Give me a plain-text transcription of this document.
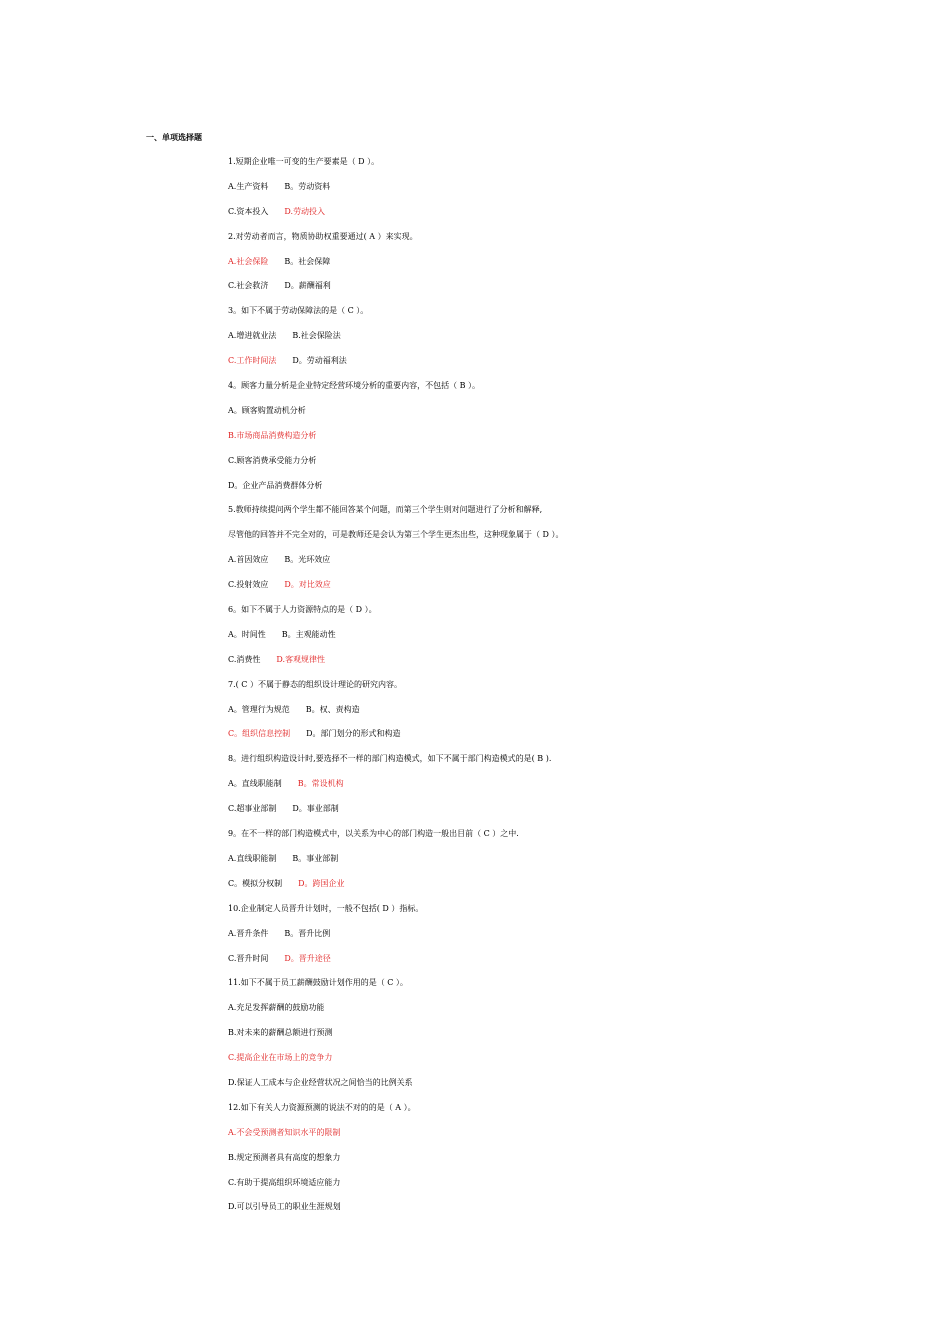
一、单项选择题
1.短期企业唯一可变的生产要素是（ D ）。
A.生产资料 B。劳动资料
C.资本投入 D.劳动投入
2.对劳动者而言，物质协助权重要通过( A ）来实现。
A.社会保险 B。社会保障
C.社会救济 D。薪酬福利
3。如下不属于劳动保障法的是（ C ）。
A.增进就业法 B.社会保险法
C.工作时间法 D。劳动福利法
4。顾客力量分析是企业特定经营环境分析的重要内容，不包括（ B ）。
A。顾客购置动机分析
B.市场商品消费构造分析
C.顾客消费承受能力分析
D。企业产品消费群体分析
5.教师持续提问两个学生都不能回答某个问题，而第三个学生则对问题进行了分析和解释,
尽管他的回答并不完全对的，可是教师还是会认为第三个学生更杰出些，这种现象属于（ D ）。
A.首因效应 B。光环效应
C.投射效应 D。对比效应
6。如下不属于人力资源特点的是（ D ）。
A。时间性 B。主观能动性
C.消费性 D.客观规律性
7.( C ）不属于静态的组织设计理论的研究内容。
A。管理行为规范 B。权、责构造
C。组织信息控制 D。部门划分的形式和构造
8。进行组织构造设计时,要选择不一样的部门构造模式，如下不属于部门构造模式的是( B ).
A。直线职能制 B。常设机构
C.超事业部制 D。事业部制
9。在不一样的部门构造模式中，以关系为中心的部门构造一般出目前（ C ）之中.
A.直线职能制 B。事业部制
C。模拟分权制 D。跨国企业
10.企业制定人员晋升计划时，一般不包括( D ）指标。
A.晋升条件 B。晋升比例
C.晋升时间 D。晋升途径
11.如下不属于员工薪酬鼓励计划作用的是（ C ）。
A.充足发挥薪酬的鼓励功能
B.对未来的薪酬总额进行预测
C.提高企业在市场上的竞争力
D.保证人工成本与企业经营状况之间恰当的比例关系
12.如下有关人力资源预测的说法不对的的是（ A ）。
A.不会受预测者知识水平的限制
B.规定预测者具有高度的想象力
C.有助于提高组织环境适应能力
D.可以引导员工的职业生涯规划
